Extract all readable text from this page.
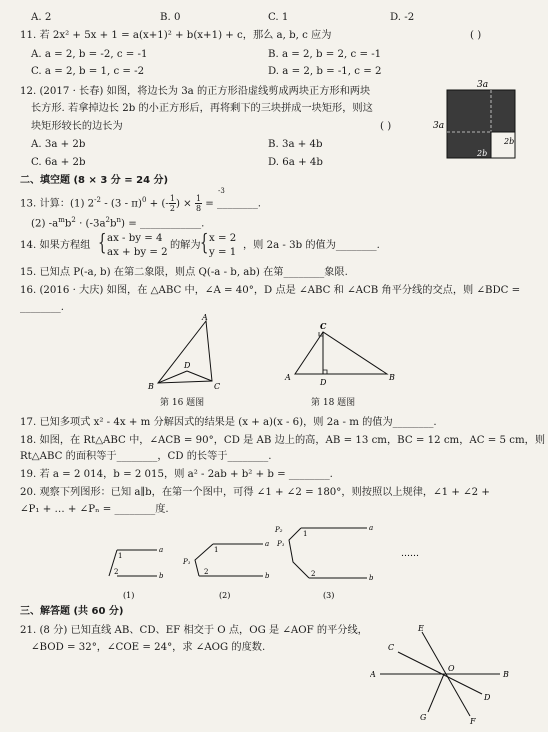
A. 2	B. 0	C. 1	D. -2
11. 若 2x² + 5x + 1 = a(x+1)² + b(x+1) + c，那么 a, b, c 应为	( )
A. a = 2, b = -2, c = -1	B. a = 2, b = 2, c = -1
C. a = 2, b = 1, c = -2	D. a = 2, b = -1, c = 2
12. (2017 · 长春) 如图，将边长为 3a 的正方形沿虚线剪成两块正方形和两块
长方形. 若拿掉边长 2b 的小正方形后，再将剩下的三块拼成一块矩形，则这
块矩形较长的边长为	( )
A. 3a + 2b	B. 3a + 4b
C. 6a + 2b	D. 6a + 4b
3a
3a
2b
2b
二、填空题 (8 × 3 分 = 24 分)
13. 计算：(1) $2^{-2} - (3 - \pi)^0$ + (- $\frac{1}{2}$ ) × $\frac{1}{8}$ = ________.
-3
(2) $-a^mb^2 \cdot (-3a^2b^n)$ = ____________.
14. 如果方程组 { ax - by = 4
ax + by = 2
的解为 { x = 2
y = 1
，则 2a - 3b 的值为________.
15. 已知点 P(-a, b) 在第二象限，则点 Q(-a - b, ab) 在第________象限.
16. (2016 · 大庆) 如图，在 △ABC 中，∠A = 40°，D 点是 ∠ABC 和 ∠ACB 角平分线的交点，则 ∠BDC =
________.
A
B	C
D
第 16 题图
C
A	B
D
第 18 题图
17. 已知多项式 x² - 4x + m 分解因式的结果是 (x + a)(x - 6)，则 2a - m 的值为________.
18. 如图，在 Rt△ABC 中，∠ACB = 90°，CD 是 AB 边上的高，AB = 13 cm，BC = 12 cm，AC = 5 cm，则
Rt△ABC 的面积等于________，CD 的长等于________.
19. 若 a = 2 014，b = 2 015，则 a² - 2ab + b² + b = ________.
20. 观察下列图形：已知 a∥b，在第一个图中，可得 ∠1 + ∠2 = 180°，则按照以上规律，∠1 + ∠2 +
∠P₁ + … + ∠Pₙ = ________度.
a
b
1
2
a
b
P₁
1
2
a
b
P₂
P₁
1
2
……
(1)	(2)	(3)
三、解答题 (共 60 分)
21. (8 分) 已知直线 AB、CD、EF 相交于 O 点，OG 是 ∠AOF 的平分线，
∠BOD = 32°，∠COE = 24°，求 ∠AOG 的度数.
A	B
C
D
E
F
G
O
